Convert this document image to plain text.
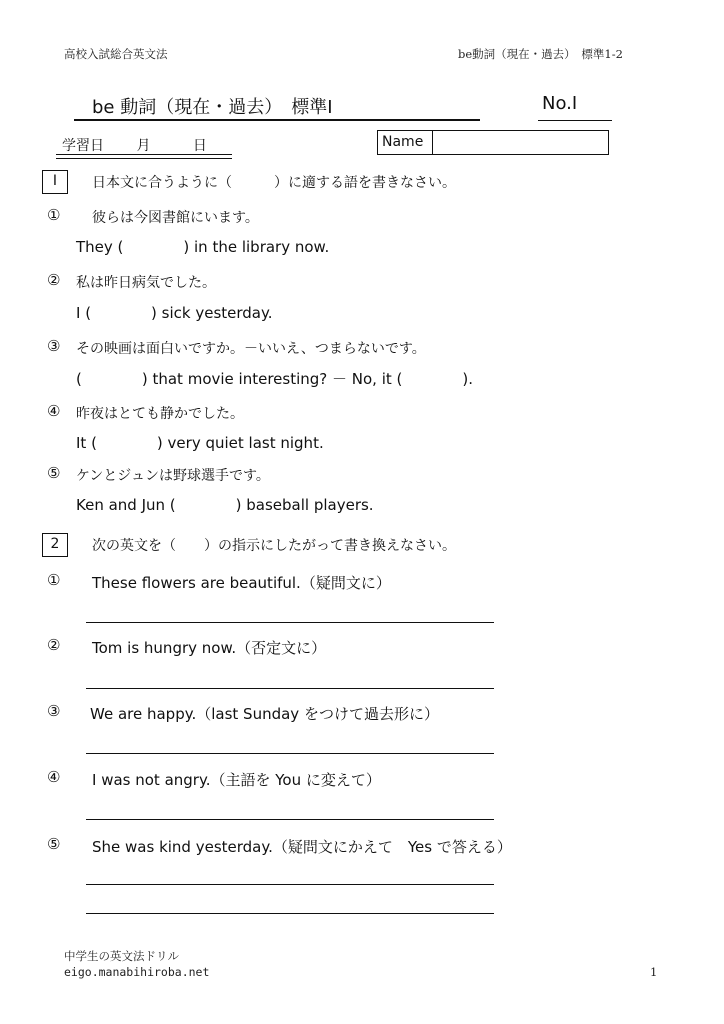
高校入試総合英文法	be動詞（現在・過去）　標準1-2
be 動詞（現在・過去）　標準Ⅰ	No.Ⅰ
学習日 月	日	Name
Ⅰ	日本文に合うように（　　　）に適する語を書きなさい。
① 彼らは今図書館にいます。
They (　　　　) in the library now.
② 私は昨日病気でした。
I (　　　　) sick yesterday.
③ その映画は面白いですか。－いいえ、つまらないです。
(　　　　) that movie interesting? － No, it (　　　　).
④ 昨夜はとても静かでした。
It (　　　　) very quiet last night.
⑤ ケンとジュンは野球選手です。
Ken and Jun (　　　　) baseball players.
2	次の英文を（　　）の指示にしたがって書き換えなさい。
① These flowers are beautiful.（疑問文に）
② Tom is hungry now.（否定文に）
③ We are happy.（last Sunday をつけて過去形に）
④ I was not angry.（主語を You に変えて）
⑤ She was kind yesterday.（疑問文にかえて　Yes で答える）
中学生の英文法ドリル
eigo.manabihiroba.net	1
